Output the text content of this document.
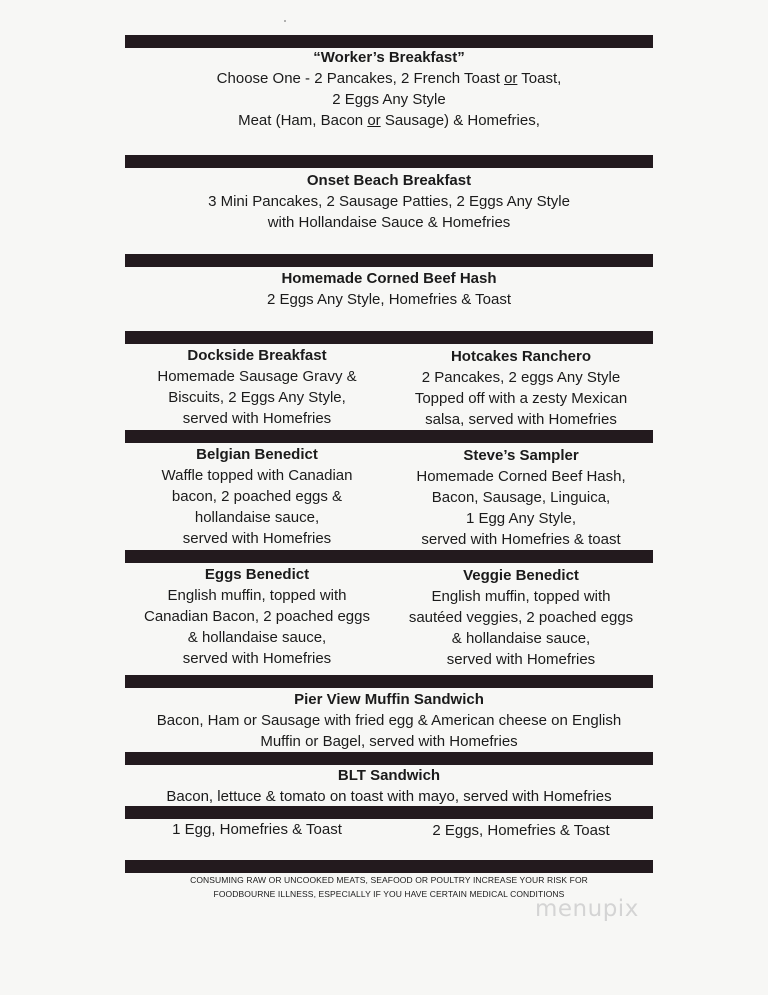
“Worker’s Breakfast”
Choose One - 2 Pancakes, 2 French Toast or Toast,
2 Eggs Any Style
Meat (Ham, Bacon or Sausage) & Homefries,
Onset Beach Breakfast
3 Mini Pancakes, 2 Sausage Patties, 2 Eggs Any Style
with Hollandaise Sauce & Homefries
Homemade Corned Beef Hash
2 Eggs Any Style, Homefries & Toast
Dockside Breakfast
Homemade Sausage Gravy &
Biscuits, 2 Eggs Any Style,
served with Homefries
Hotcakes Ranchero
2 Pancakes, 2 eggs Any Style
Topped off with a zesty Mexican
salsa, served with Homefries
Belgian Benedict
Waffle topped with Canadian
bacon, 2 poached eggs &
hollandaise sauce,
served with Homefries
Steve’s Sampler
Homemade Corned Beef Hash,
Bacon, Sausage, Linguica,
1 Egg Any Style,
served with Homefries & toast
Eggs Benedict
English muffin, topped with
Canadian Bacon, 2 poached eggs
& hollandaise sauce,
served with Homefries
Veggie Benedict
English muffin, topped with
sautéed veggies, 2 poached eggs
& hollandaise sauce,
served with Homefries
Pier View Muffin Sandwich
Bacon, Ham or Sausage with fried egg & American cheese on English
Muffin or Bagel, served with Homefries
BLT Sandwich
Bacon, lettuce & tomato on toast with mayo, served with Homefries
1 Egg, Homefries & Toast	2 Eggs, Homefries & Toast
CONSUMING RAW OR UNCOOKED MEATS, SEAFOOD OR POULTRY INCREASE YOUR RISK FOR
FOODBOURNE ILLNESS, ESPECIALLY IF YOU HAVE CERTAIN MEDICAL CONDITIONS
menupix
